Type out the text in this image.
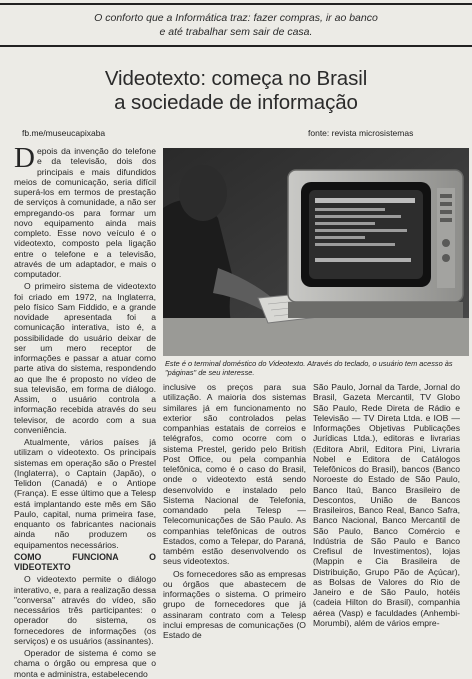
O conforto que a Informática traz: fazer compras, ir ao banco
e até trabalhar sem sair de casa.
Videotexto: começa no Brasil
a sociedade de informação
fb.me/museucapixaba	fonte: revista microsistemas

Depois da invenção do telefone e da televisão, dois dos principais e mais difundidos meios de comunicação, seria difícil superá-los em termos de prestação de serviços à comunidade, a não ser empregando-os para formar um novo equipamento ainda mais completo. Esse novo veículo é o videotexto, composto pela ligação entre o telefone e a televisão, através de um adaptador, e mais o computador.

O primeiro sistema de videotexto foi criado em 1972, na Inglaterra, pelo físico Sam Fiddido, e a grande novidade apresentada foi a comunicação interativa, isto é, a possibilidade do usuário deixar de ser um mero receptor de informações e passar a atuar como parte ativa do sistema, respondendo ao que lhe é proposto no vídeo de sua televisão, em forma de diálogo. Assim, o usuário controla a informação recebida através do seu televisor, de acordo com a sua conveniência.

Atualmente, vários países já utilizam o videotexto. Os principais sistemas em operação são o Prestel (Inglaterra), o Captain (Japão), o Telidon (Canadá) e o Antiope (França). E esse último que a Telesp está implantando este mês em São Paulo, capital, numa primeira fase, enquanto os fabricantes nacionais ainda não produzem os equipamentos necessários.

COMO FUNCIONA O VIDEOTEXTO

O videotexto permite o diálogo interativo, e, para a realização dessa "conversa" através do vídeo, são necessários três participantes: o operador do sistema, os fornecedores de informações (os serviços) e os usuários (assinantes).

Operador de sistema é como se chama o órgão ou empresa que o monta e administra, estabelecendo

Este é o terminal doméstico do Videotexto. Através do teclado, o usuário tem acesso às "páginas" de seu interesse.

inclusive os preços para sua utilização. A maioria dos sistemas similares já em funcionamento no exterior são controlados pelas companhias estatais de correios e telégrafos, como ocorre com o sistema Prestel, gerido pelo British Post Office, ou pela companhia telefônica, como é o caso do Brasil, onde o videotexto está sendo desenvolvido e instalado pelo Sistema Nacional de Telefonia, comandado pela Telesp — Telecomunicações de São Paulo. As companhias telefônicas de outros Estados, como a Telepar, do Paraná, também estão desenvolvendo os seus videotextos.

Os fornecedores são as empresas ou órgãos que abastecem de informações o sistema. O primeiro grupo de fornecedores que já assinaram contrato com a Telesp inclui empresas de comunicações (O Estado de

São Paulo, Jornal da Tarde, Jornal do Brasil, Gazeta Mercantil, TV Globo São Paulo, Rede Direta de Rádio e Televisão — TV Direta Ltda. e IOB — Informações Objetivas Publicações Jurídicas Ltda.), editoras e livrarias (Editora Abril, Editora Pini, Livraria Nobel e Editora de Catálogos Telefônicos do Brasil), bancos (Banco Noroeste do Estado de São Paulo, Banco Itaú, Banco Brasileiro de Descontos, União de Bancos Brasileiros, Banco Real, Banco Safra, Banco Nacional, Banco Mercantil de São Paulo, Banco Comércio e Indústria de São Paulo e Banco Crefisul de Investimentos), lojas (Mappin e Cia Brasileira de Distribuição, Grupo Pão de Açúcar), as Bolsas de Valores do Rio de Janeiro e de São Paulo, hotéis (cadeia Hilton do Brasil), companhia aérea (Vasp) e faculdades (Anhembi-Morumbi), além de vários empre-
